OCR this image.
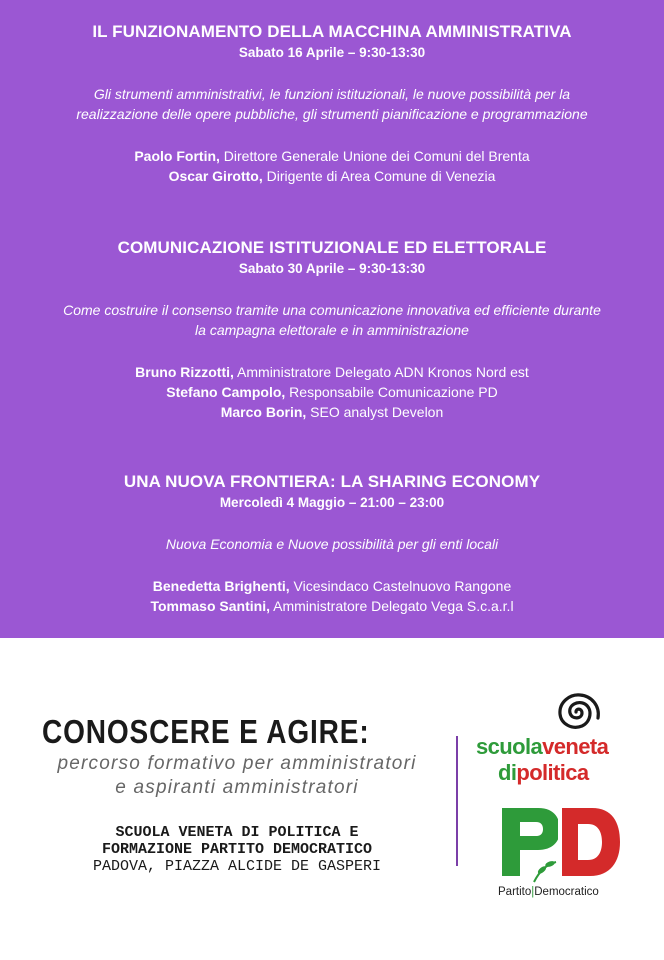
IL FUNZIONAMENTO DELLA MACCHINA AMMINISTRATIVA
Sabato 16 Aprile – 9:30-13:30
Gli strumenti amministrativi, le funzioni istituzionali, le nuove possibilità per la
realizzazione delle opere pubbliche, gli strumenti pianificazione e programmazione
Paolo Fortin, Direttore Generale Unione dei Comuni del Brenta
Oscar Girotto, Dirigente di Area Comune di Venezia
COMUNICAZIONE ISTITUZIONALE ED ELETTORALE
Sabato 30 Aprile – 9:30-13:30
Come costruire il consenso tramite una comunicazione innovativa ed efficiente durante
la campagna elettorale e in amministrazione
Bruno Rizzotti, Amministratore Delegato ADN Kronos Nord est
Stefano Campolo, Responsabile Comunicazione PD
Marco Borin, SEO analyst Develon
UNA NUOVA FRONTIERA: LA SHARING ECONOMY
Mercoledì 4 Maggio – 21:00 – 23:00
Nuova Economia e Nuove possibilità per gli enti locali
Benedetta Brighenti, Vicesindaco Castelnuovo Rangone
Tommaso Santini, Amministratore Delegato Vega S.c.a.r.l
CONOSCERE E AGIRE:
percorso formativo per amministratori
e aspiranti amministratori
SCUOLA VENETA DI POLITICA E
FORMAZIONE PARTITO DEMOCRATICO
PADOVA, PIAZZA ALCIDE DE GASPERI
scuolaveneta
dipolitica
Partito|Democratico
